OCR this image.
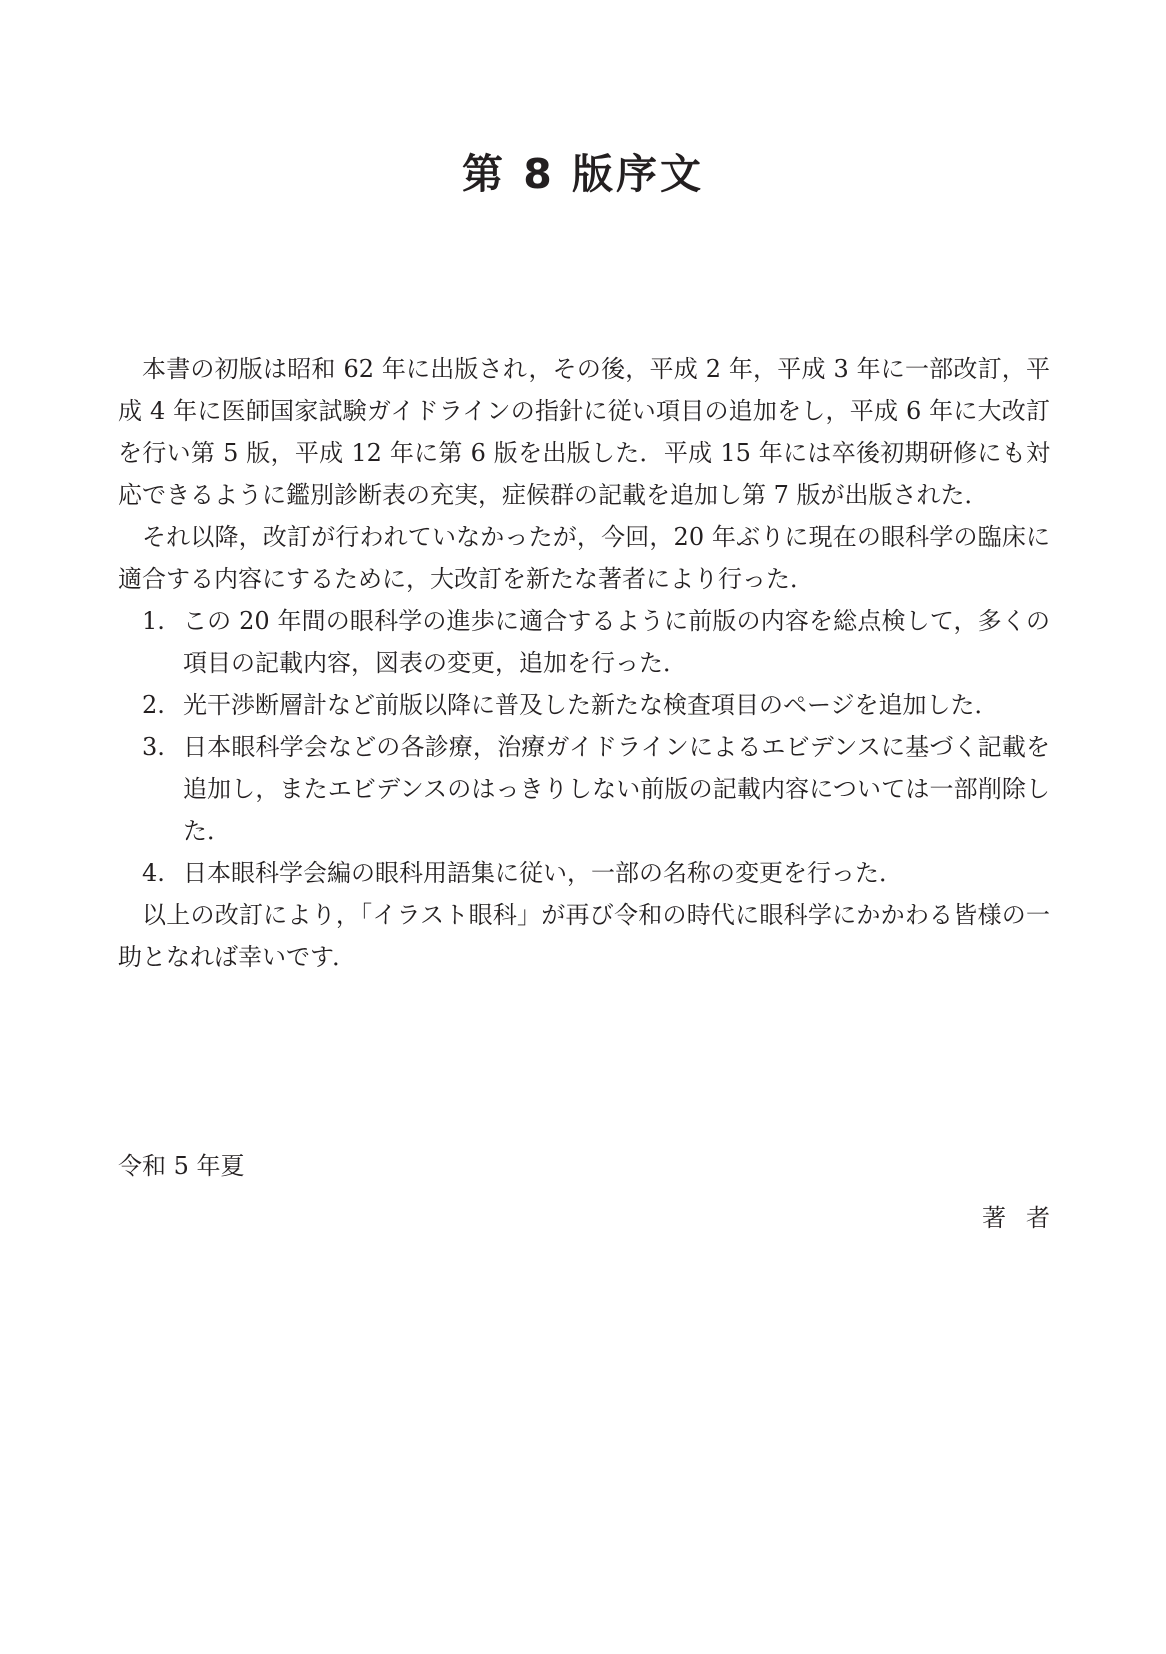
第 8 版序文

本書の初版は昭和 62 年に出版され，その後，平成 2 年，平成 3 年に一部改訂，平成 4 年に医師国家試験ガイドラインの指針に従い項目の追加をし，平成 6 年に大改訂を行い第 5 版，平成 12 年に第 6 版を出版した．平成 15 年には卒後初期研修にも対応できるように鑑別診断表の充実，症候群の記載を追加し第 7 版が出版された．

それ以降，改訂が行われていなかったが，今回，20 年ぶりに現在の眼科学の臨床に適合する内容にするために，大改訂を新たな著者により行った．

1. この 20 年間の眼科学の進歩に適合するように前版の内容を総点検して，多くの項目の記載内容，図表の変更，追加を行った．
2. 光干渉断層計など前版以降に普及した新たな検査項目のページを追加した．
3. 日本眼科学会などの各診療，治療ガイドラインによるエビデンスに基づく記載を追加し，またエビデンスのはっきりしない前版の記載内容については一部削除した．
4. 日本眼科学会編の眼科用語集に従い，一部の名称の変更を行った．

以上の改訂により，「イラスト眼科」が再び令和の時代に眼科学にかかわる皆様の一助となれば幸いです．

令和 5 年夏

著者
